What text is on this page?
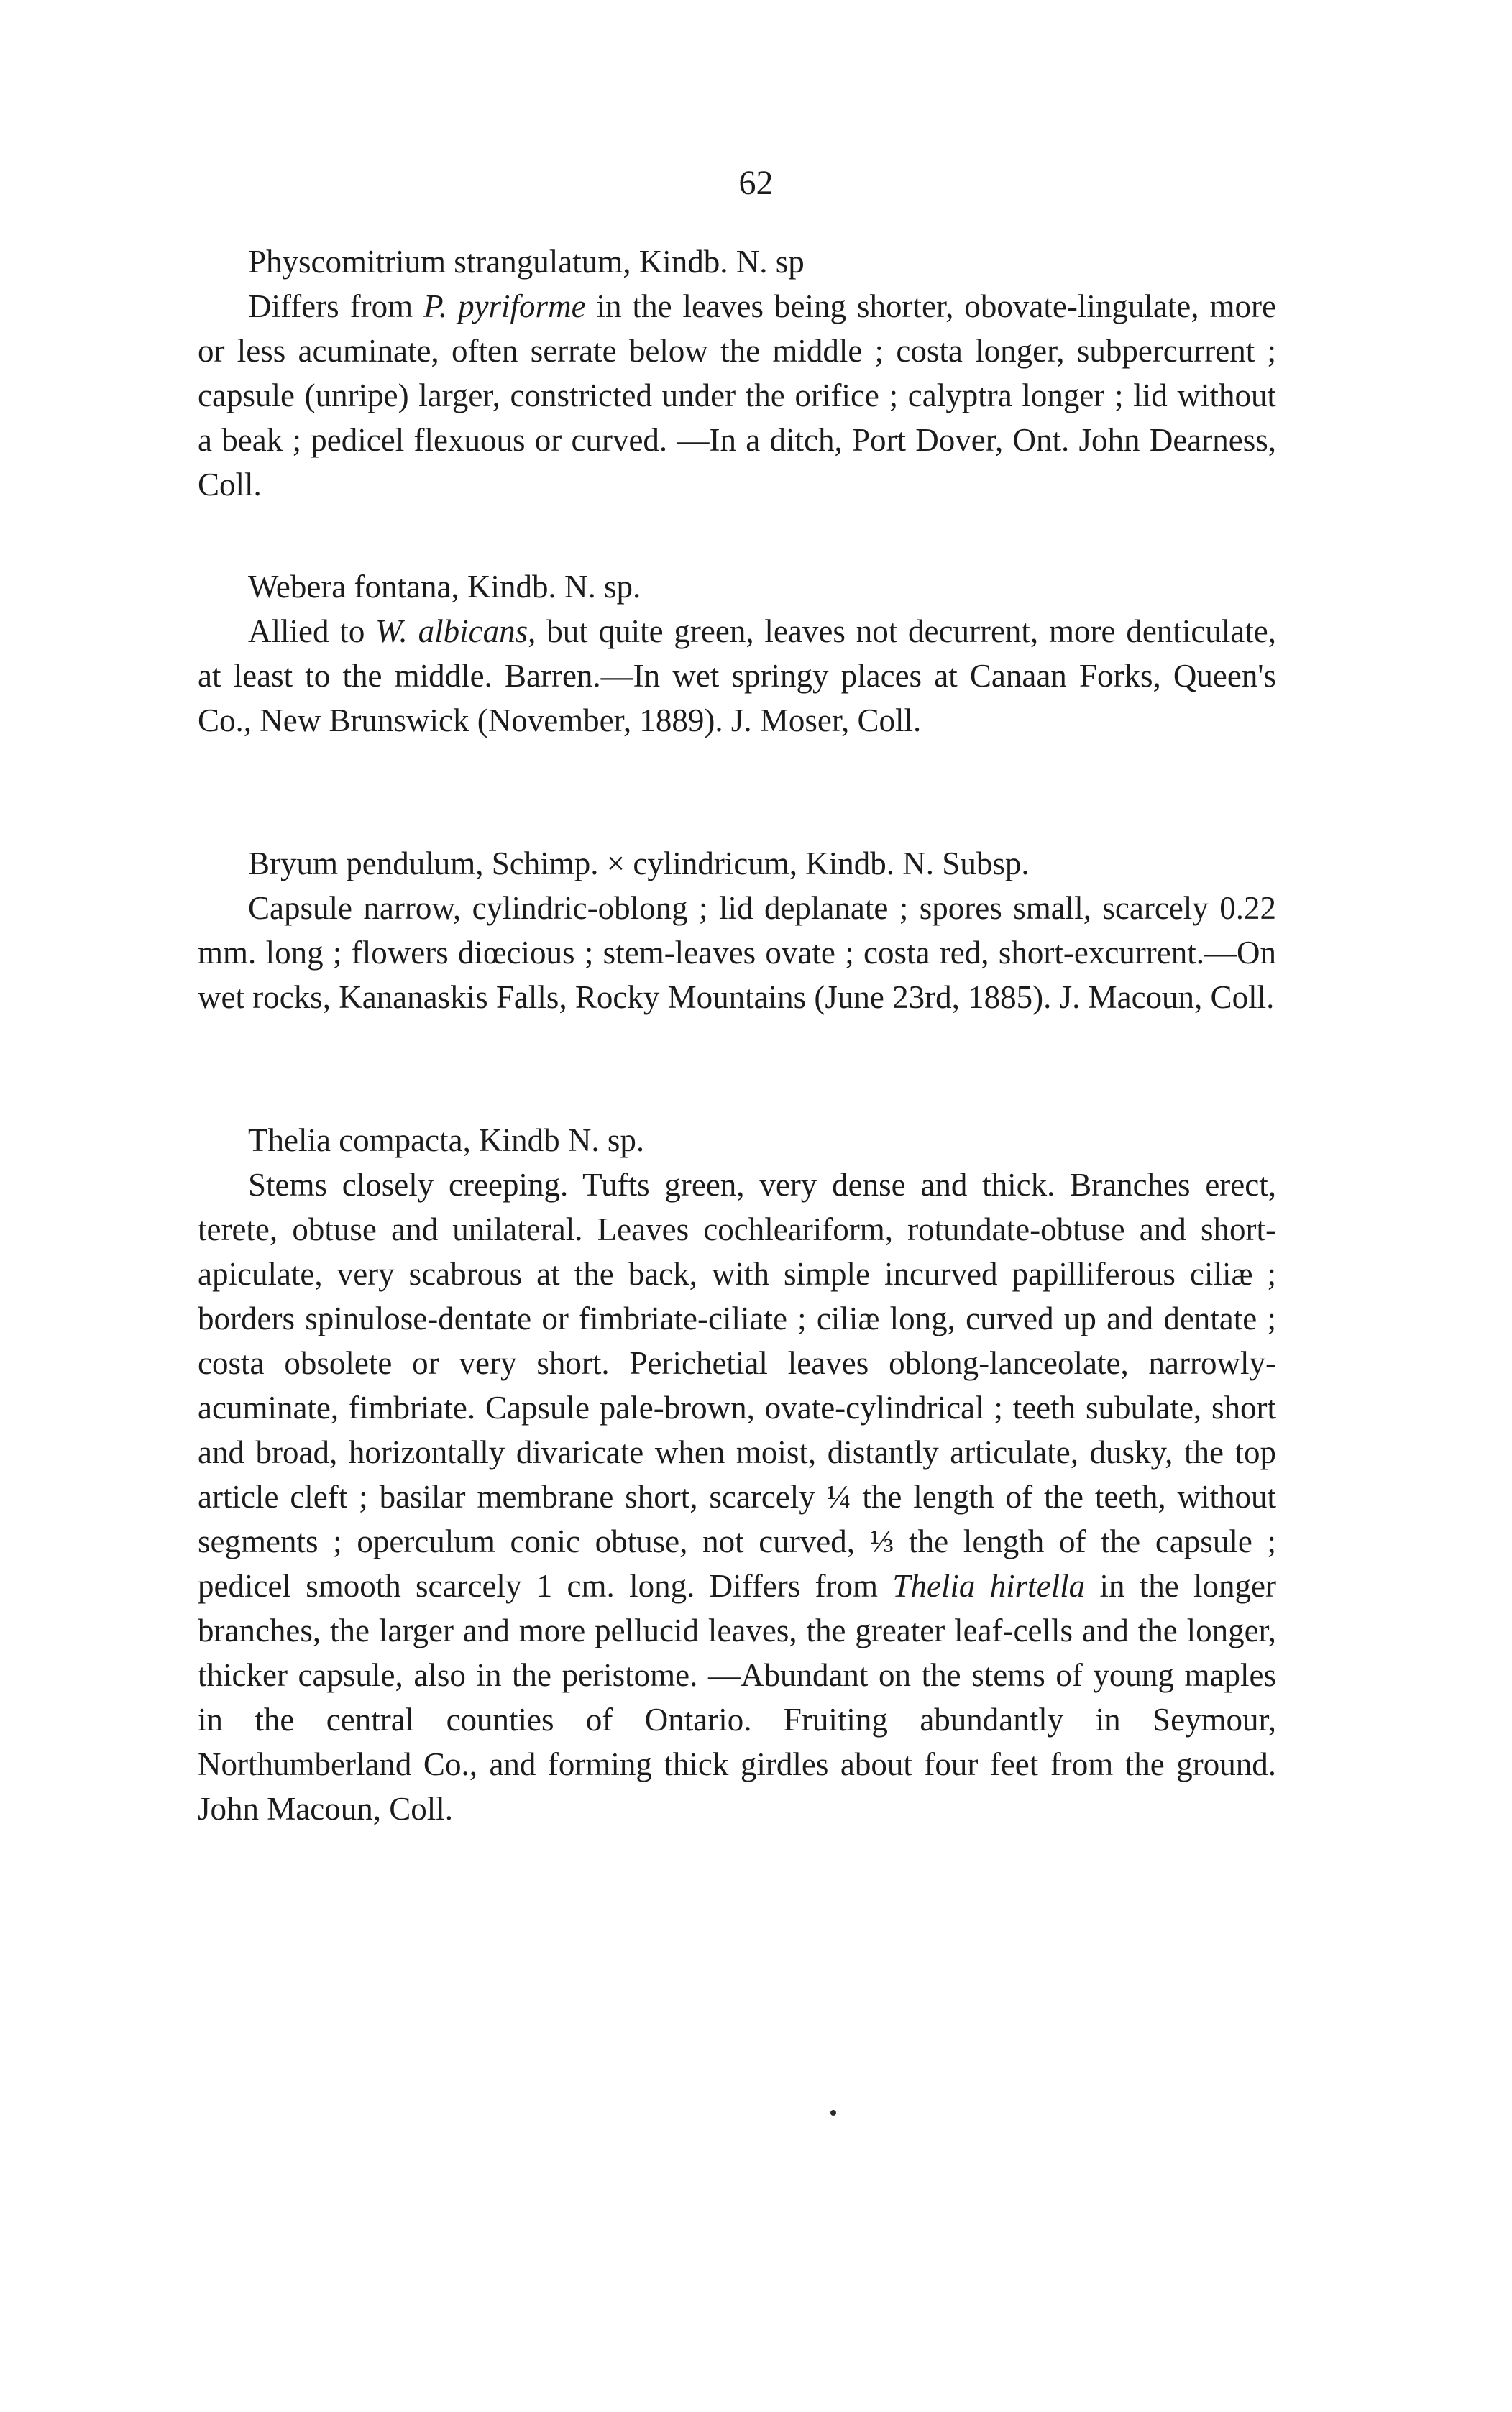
62

Physcomitrium strangulatum, Kindb. N. sp

Differs from P. pyriforme in the leaves being shorter, obovate-lingulate, more or less acuminate, often serrate below the middle ; costa longer, subpercurrent ; capsule (unripe) larger, constricted under the orifice ; calyptra longer ; lid without a beak ; pedicel flexuous or curved. —In a ditch, Port Dover, Ont. John Dearness, Coll.

Webera fontana, Kindb. N. sp.

Allied to W. albicans, but quite green, leaves not decurrent, more denticulate, at least to the middle. Barren.—In wet springy places at Canaan Forks, Queen's Co., New Brunswick (November, 1889). J. Moser, Coll.

Bryum pendulum, Schimp. × cylindricum, Kindb. N. Subsp.

Capsule narrow, cylindric-oblong ; lid deplanate ; spores small, scarcely 0.22 mm. long ; flowers diœcious ; stem-leaves ovate ; costa red, short-excurrent.—On wet rocks, Kananaskis Falls, Rocky Mountains (June 23rd, 1885). J. Macoun, Coll.

Thelia compacta, Kindb N. sp.

Stems closely creeping. Tufts green, very dense and thick. Branches erect, terete, obtuse and unilateral. Leaves cochleariform, rotundate-obtuse and short-apiculate, very scabrous at the back, with simple incurved papilliferous ciliæ ; borders spinulose-dentate or fimbriate-ciliate ; ciliæ long, curved up and dentate ; costa obsolete or very short. Perichetial leaves oblong-lanceolate, narrowly-acuminate, fimbriate. Capsule pale-brown, ovate-cylindrical ; teeth subulate, short and broad, horizontally divaricate when moist, distantly articulate, dusky, the top article cleft ; basilar membrane short, scarcely ¼ the length of the teeth, without segments ; operculum conic obtuse, not curved, ⅓ the length of the capsule ; pedicel smooth scarcely 1 cm. long. Differs from Thelia hirtella in the longer branches, the larger and more pellucid leaves, the greater leaf-cells and the longer, thicker capsule, also in the peristome. —Abundant on the stems of young maples in the central counties of Ontario. Fruiting abundantly in Seymour, Northumberland Co., and forming thick girdles about four feet from the ground. John Macoun, Coll.
